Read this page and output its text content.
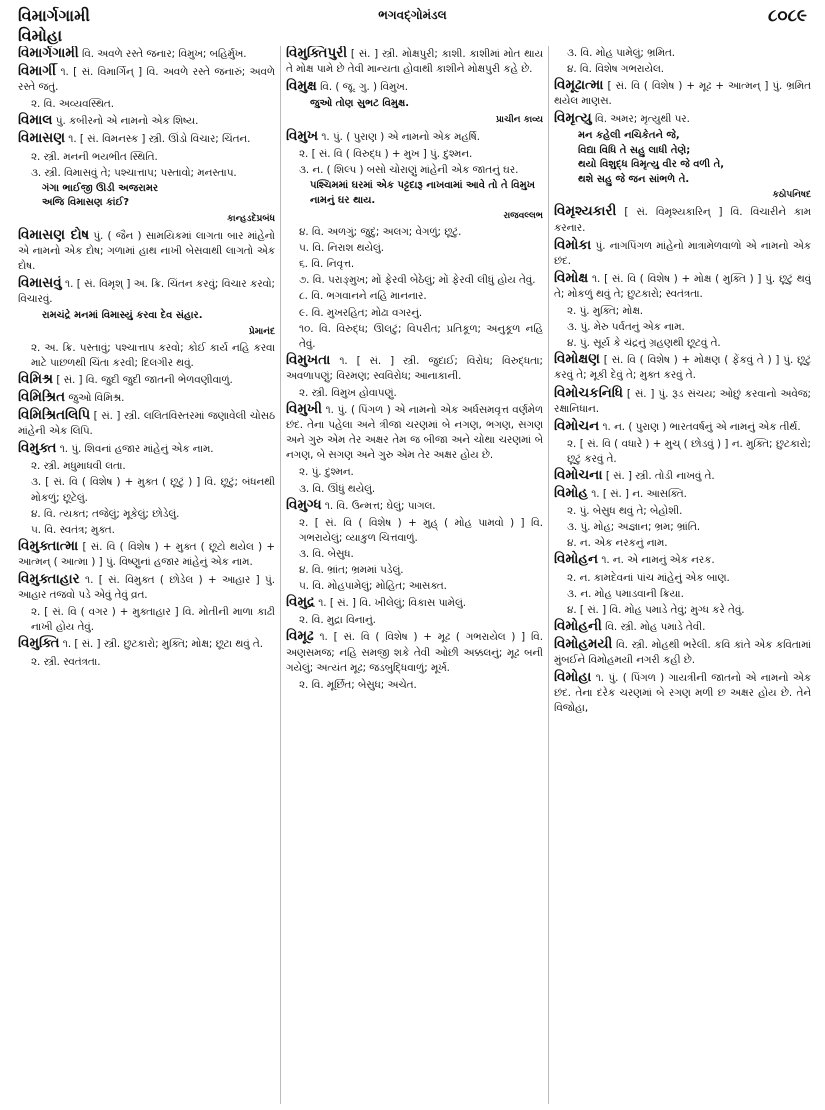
વિમાર્ગગામી
વિમોહા
ભગવદ્ગોમંડલ	૮૦૮૯
વિમાર્ગગામી વિ. અવળે રસ્તે જનાર; વિમુખ; બહિર્મુખ.
વિમાર્ગી ૧. [ સં. વિમાર્ગિન્ ] વિ. અવળે રસ્તે જનારું; અવળે રસ્તે જતું.
૨. વિ. અવ્યવસ્થિત.
વિમાલ પું. કબીરનો એ નામનો એક શિષ્ય.
વિમાસણ ૧. [ સં. વિમનસ્ક ] સ્ત્રી. ઊંડો વિચાર; ચિંતન.
૨. સ્ત્રી. મનની ભયભીત સ્થિતિ.
૩. સ્ત્રી. વિમાસવું તે; પશ્ચાત્તાપ; પસ્તાવો; મનસ્તાપ.
ગંગા ભાઈજી ઊડી અજરામર
અજિ વિમાસણ કાંઈ?
કાન્હડદેપ્રબંધ
વિમાસણ દોષ પું. ( જૈન ) સામયિકમાં લાગતા બાર માંહેનો એ નામનો એક દોષ; ગળામાં હાથ નાખી બેસવાથી લાગતો એક દોષ.
વિમાસવું ૧. [ સં. વિમૃશ્ ] અ. ક્રિ. ચિંતન કરવું; વિચાર કરવો; વિચારવું.
રામચંદ્રે મનમાં વિમાસ્યું કરવા દેવ સંહાર.
પ્રેમાનંદ
૨. અ. ક્રિ. પસ્તાવું; પશ્ચાત્તાપ કરવો; કોઈ કાર્ય નહિ કરવા માટે પાછળથી ચિંતા કરવી; દિલગીર થવું.
વિમિશ્ર [ સં. ] વિ. જુદી જુદી જાતની ભેળવણીવાળું.
વિમિશ્રિત જુઓ વિમિશ્ર.
વિમિશ્રિતલિપિ [ સં. ] સ્ત્રી. લલિતવિસ્તરમાં જણાવેલી ચોસઠ માંહેની એક લિપિ.
વિમુક્ત ૧. પું. શિવનાં હજાર માંહેનું એક નામ.
૨. સ્ત્રી. મધુમાધવી લતા.
૩. [ સં. વિ ( વિશેષ ) + મુક્ત ( છૂટું ) ] વિ. છૂટું; બંધનથી મોકળું; છૂટેલું.
૪. વિ. ત્યક્ત; તજેલું; મૂકેલું; છોડેલું.
૫. વિ. સ્વતંત્ર; મુક્ત.
વિમુક્તાત્મા [ સં. વિ ( વિશેષ ) + મુક્ત ( છૂટો થયેલ ) + આત્મન્ ( આત્મા ) ] પું. વિષ્ણુનાં હજાર માંહેનું એક નામ.
વિમુક્તાહાર ૧. [ સં. વિમુક્ત ( છોડેલ ) + આહાર ] પું. આહાર તજવો પડે એવું તેવું વ્રત.
૨. [ સં. વિ ( વગર ) + મુક્તાહાર ] વિ. મોતીની માળા કાઢી નાખી હોય તેવું.
વિમુક્તિ ૧. [ સં. ] સ્ત્રી. છુટકારો; મુક્તિ; મોક્ષ; છૂટા થવું તે.
૨. સ્ત્રી. સ્વતંત્રતા.
વિમુક્તિપુરી [ સં. ] સ્ત્રી. મોક્ષપુરી; કાશી. કાશીમાં મોત થાય તે મોક્ષ પામે છે તેવી માન્યતા હોવાથી કાશીને મોક્ષપુરી કહે છે.
વિમુક્ષ વિ. ( જૂ. ગુ. ) વિમુખ.
જુઓ તોણ સુભટ વિમુક્ષ.
પ્રાચીન કાવ્ય
વિમુખ ૧. પું. ( પુરાણ ) એ નામનો એક મહર્ષિ.
૨. [ સં. વિ ( વિરુદ્ધ ) + મુખ ] પું. દુશ્મન.
૩. ન. ( શિલ્પ ) બસો ચોરાણું માંહેની એક જાતનું ઘર.
પશ્ચિમમાં ઘરમાં એક પટ્ટદારૂ નાખવામાં આવે તો તે વિમુખ નામનું ઘર થાય.
રાજવલ્લભ
૪. વિ. અળગું; જુદું; અલગ; વેગળું; છૂટું.
૫. વિ. નિરાશ થયેલું.
૬. વિ. નિવૃત્ત.
૭. વિ. પરાઙ્મુખ; મોં ફેરવી બેઠેલું; મોં ફેરવી લીધું હોય તેવું.
૮. વિ. ભગવાનને નહિ માનનાર.
૯. વિ. મુખરહિત; મોઢા વગરનું.
૧૦. વિ. વિરુદ્ધ; ઊલટું; વિપરીત; પ્રતિકૂળ; અનુકૂળ નહિ તેવું.
વિમુખતા ૧. [ સં. ] સ્ત્રી. જુદાઈ; વિરોધ; વિરુદ્ધતા; અવળાપણું; વિરમણ; સ્વવિરોધ; આનાકાની.
૨. સ્ત્રી. વિમુખ હોવાપણું.
વિમુખી ૧. પું. ( પિંગળ ) એ નામનો એક અર્ધસમવૃત્ત વર્ણમેળ છંદ. તેના પહેલા અને ત્રીજા ચરણમાં બે નગણ, ભગણ, સગણ અને ગુરુ એમ તેર અક્ષર તેમ જ બીજા અને ચોથા ચરણમાં બે નગણ, બે સગણ અને ગુરુ એમ તેર અક્ષર હોય છે.
૨. પું. દુશ્મન.
૩. વિ. ઊંધું થયેલું.
વિમુગ્ધ ૧. વિ. ઉન્મત્ત; ઘેલું; પાગલ.
૨. [ સં. વિ ( વિશેષ ) + મુહ્ ( મોહ પામવો ) ] વિ. ગભરાયેલું; વ્યાકુળ ચિત્તવાળું.
૩. વિ. બેસુધ.
૪. વિ. ભ્રાંત; ભ્રમમાં પડેલું.
૫. વિ. મોહપામેલું; મોહિત; આસક્ત.
વિમુદ્ર ૧. [ સં. ] વિ. ખીલેલું; વિકાસ પામેલું.
૨. વિ. મુદ્રા વિનાનું.
વિમૂઢ ૧. [ સં. વિ ( વિશેષ ) + મૂઢ ( ગભરાયેલ ) ] વિ. અણસમજ; નહિ સમજી શકે તેવી ઓછી અક્કલનું; મૂઢ બની ગયેલું; અત્યંત મૂઢ; જડબુદ્ધિવાળું; મૂર્ખ.
૨. વિ. મૂર્છિત; બેસુધ; અચેત.
૩. વિ. મોહ પામેલું; ભ્રમિત.
૪. વિ. વિશેષ ગભરાયેલ.
વિમૂઢાત્મા [ સં. વિ ( વિશેષ ) + મૂઢ + આત્મન્ ] પું. ભ્રમિત થયેલ માણસ.
વિમૃત્યુ વિ. અમર; મૃત્યુથી પર.
મન કહેલી નચિકેતને જે,
વિદ્યા વિધિ તે સહુ લાધી તેણે;
થયો વિશુદ્ધ વિમૃત્યુ વીર જે વળી તે,
થશે સહુ જે જન સાંભળે તે.
કઠોપનિષદ
વિમૃશ્યકારી [ સં. વિમૃશ્યકારિન્ ] વિ. વિચારીને કામ કરનાર.
વિમોકા પું. નાગપિંગળ માંહેનો માત્રામેળવાળો એ નામનો એક છંદ.
વિમોક્ષ ૧. [ સં. વિ ( વિશેષ ) + મોક્ષ ( મુક્તિ ) ] પું. છૂટું થવું તે; મોકળું થવું તે; છુટકારો; સ્વતંત્રતા.
૨. પું. મુક્તિ; મોક્ષ.
૩. પું. મેરુ પર્વતનું એક નામ.
૪. પું. સૂર્ય કે ચંદ્રનું ગ્રહણથી છૂટવું તે.
વિમોક્ષણ [ સં. વિ ( વિશેષ ) + મોક્ષણ ( ફેંકવું તે ) ] પું. છૂટું કરવું તે; મૂકી દેવું તે; મુક્ત કરવું તે.
વિમોચકનિધિ [ સં. ] પું. રૂડ સંચય; ઓછું કરવાનો અવેજ; રક્ષાનિધાન.
વિમોચન ૧. ન. ( પુરાણ ) ભારતવર્ષનું એ નામનું એક તીર્થ.
૨. [ સં. વિ ( વધારે ) + મુચ્ ( છોડવું ) ] ન. મુક્તિ; છુટકારો; છૂટું કરવું તે.
વિમોચના [ સં. ] સ્ત્રી. તોડી નાખવું તે.
વિમોહ ૧. [ સં. ] ન. આસક્તિ.
૨. પું. બેસુધ થવું તે; બેહોશી.
૩. પું. મોહ; અજ્ઞાન; ભ્રમ; ભ્રાંતિ.
૪. ન. એક નરકનું નામ.
વિમોહન ૧. ન. એ નામનું એક નરક.
૨. ન. કામદેવનાં પાંચ માંહેનું એક બાણ.
૩. ન. મોહ પમાડવાની ક્રિયા.
૪. [ સં. ] વિ. મોહ પમાડે તેવું; મુગ્ધ કરે તેવું.
વિમોહની વિ. સ્ત્રી. મોહ પમાડે તેવી.
વિમોહમયી વિ. સ્ત્રી. મોહથી ભરેલી. કવિ કાંતે એક કવિતામાં મુંબઈને વિમોહમયી નગરી કહી છે.
વિમોહા ૧. પું. ( પિંગળ ) ગાયત્રીની જાતનો એ નામનો એક છંદ. તેના દરેક ચરણમાં બે રગણ મળી છ અક્ષર હોય છે. તેને વિજોહા,
